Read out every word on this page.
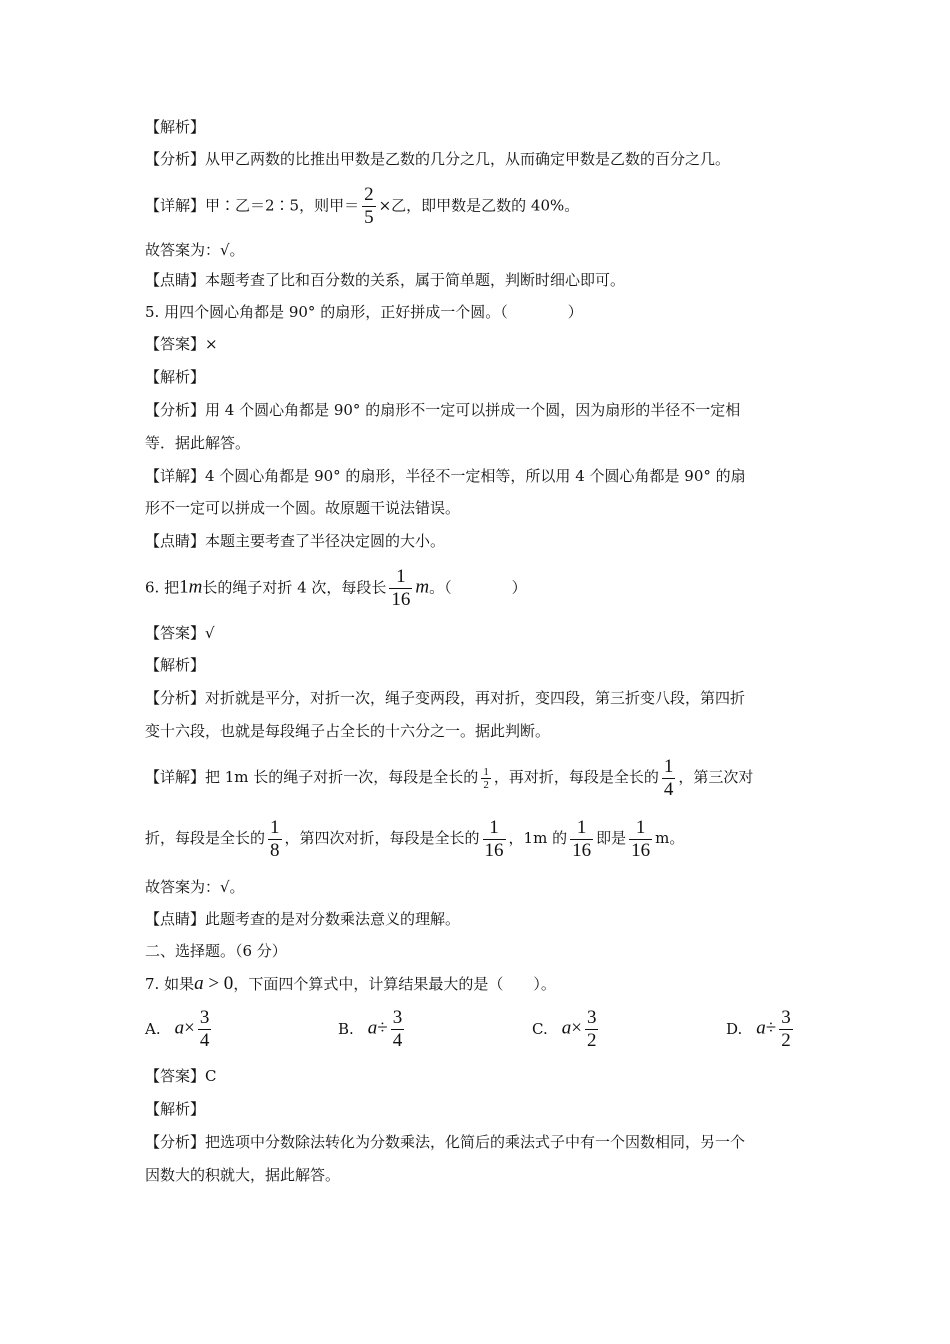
【解析】
【分析】从甲乙两数的比推出甲数是乙数的几分之几，从而确定甲数是乙数的百分之几。
【详解】甲∶乙＝2∶5，则甲＝ $\frac{2}{5}$ ×乙，即甲数是乙数的 40%。
故答案为：√。
【点睛】本题考查了比和百分数的关系，属于简单题，判断时细心即可。
5. 用四个圆心角都是 90° 的扇形，正好拼成一个圆。（　　　　）
【答案】×
【解析】
【分析】用 4 个圆心角都是 90° 的扇形不一定可以拼成一个圆，因为扇形的半径不一定相
等．据此解答。
【详解】4 个圆心角都是 90° 的扇形，半径不一定相等，所以用 4 个圆心角都是 90° 的扇
形不一定可以拼成一个圆。故原题干说法错误。
【点睛】本题主要考查了半径决定圆的大小。
6. 把1m长的绳子对折 4 次，每段长 $\frac{1}{16}$ m。（　　　　）
【答案】√
【解析】
【分析】对折就是平分，对折一次，绳子变两段，再对折，变四段，第三折变八段，第四折
变十六段，也就是每段绳子占全长的十六分之一。据此判断。
【详解】把 1m 长的绳子对折一次，每段是全长的 $\frac{1}{2}$ ，再对折，每段是全长的 $\frac{1}{4}$ ，第三次对
折，每段是全长的 $\frac{1}{8}$ ，第四次对折，每段是全长的 $\frac{1}{16}$ ，1m 的 $\frac{1}{16}$ 即是 $\frac{1}{16}$ m。
故答案为：√。
【点睛】此题考查的是对分数乘法意义的理解。
二、选择题。（6 分）
7. 如果a > 0，下面四个算式中，计算结果最大的是（　　）。
A. $a\times \frac{3}{4}$	B. $a\div \frac{3}{4}$	C. $a\times \frac{3}{2}$	D. $a\div \frac{3}{2}$
【答案】C
【解析】
【分析】把选项中分数除法转化为分数乘法，化简后的乘法式子中有一个因数相同，另一个
因数大的积就大，据此解答。
